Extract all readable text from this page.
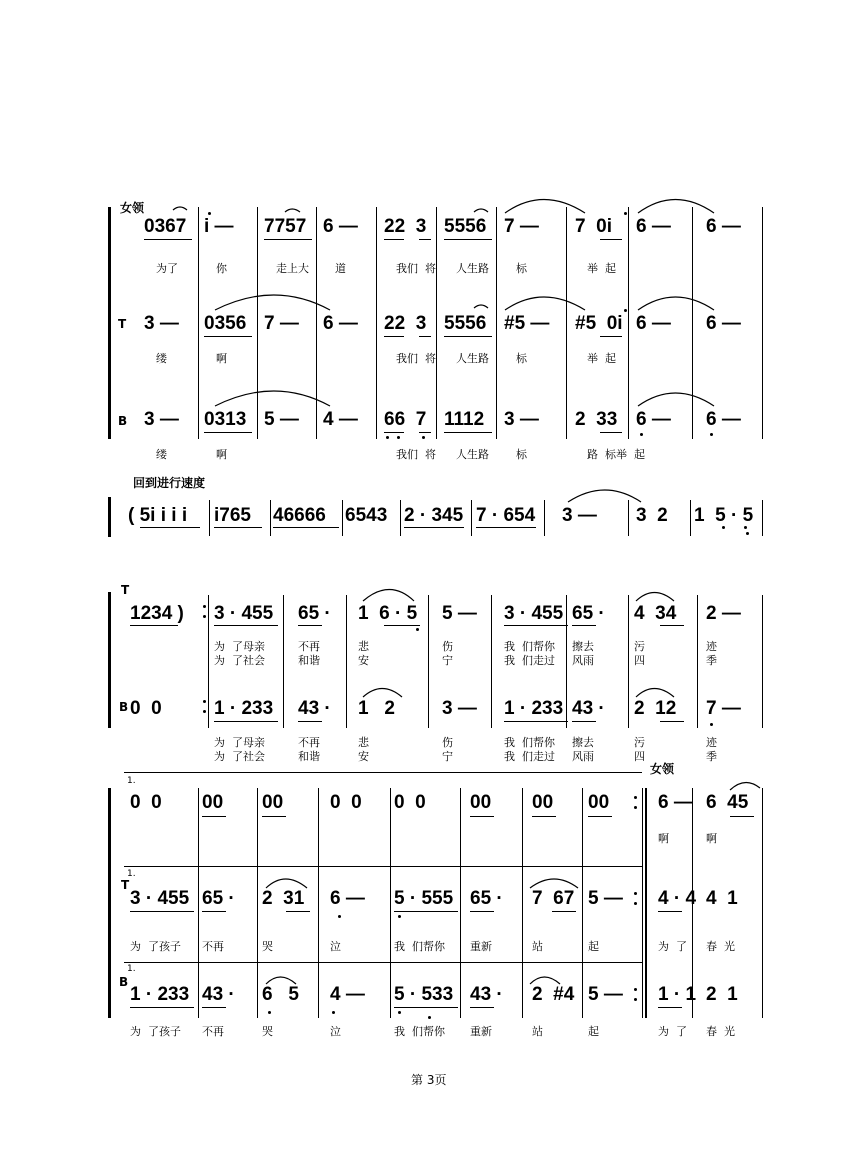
女领
T
B
0367 i — 7757 6 — 22  3 5556 7 — 7  0i 6 — 6 —
为了	你	走上大 道	我们  将 人生路 标	举  起
3 — 0356 7 — 6 — 22  3 5556 #5 — #5  0i 6 — 6 —
缕	啊	我们  将 人生路 标	举  起
3 — 0313 5 — 4 — 66  7 1112 3 — 2  33 6 — 6 —
缕	啊	我们  将 人生路 标	路  标举  起
回到进行速度
( 5i i i i i765 46666 6543 2 · 345 7 · 654 3 — 3  2 1  5 · 5
T
B
1234 ) 3 · 455 65 · 1  6 · 5 5 — 3 · 455 65 · 4  34 2 —
为  了母亲	不再	悲	伤	我  们帮你 擦去	污	迹
为  了社会	和谐	安	宁	我  们走过 风雨	四	季
0  0	1 · 233 43 · 1   2 3 — 1 · 233 43 · 2  12 7 —
为  了母亲	不再	悲	伤	我  们帮你 擦去	污	迹
为  了社会	和谐	安	宁	我  们走过 风雨	四	季
女领
T
B
1.
1.
1.
0  0 00 00 0  0 0  0 00 00 00	6 — 6  45
啊	啊
3 · 455 65 · 2  31 6 — 5 · 555 65 · 7  67 5 — 4 · 4 4  1
为  了孩子 不再	哭	泣	我  们帮你 重新	站	起	为  了 春  光
1 · 233 43 · 6   5 4 — 5 · 533 43 · 2  #4 5 — 1 · 1 2  1
为  了孩子 不再	哭	泣	我  们帮你 重新	站	起	为  了 春  光
第 3页
